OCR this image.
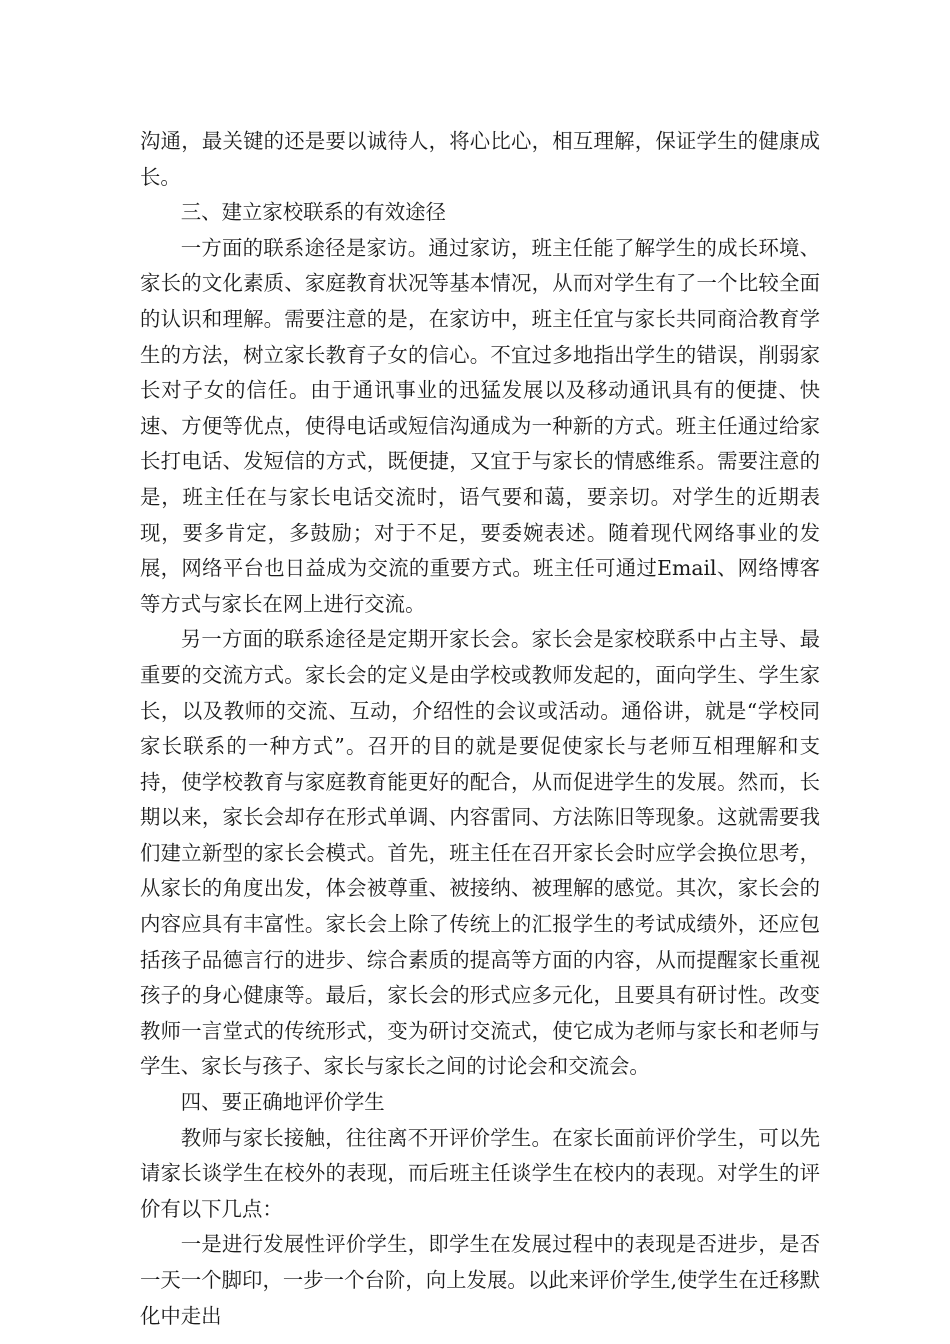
沟通，最关键的还是要以诚待人，将心比心，相互理解，保证学生的健康成长。

三、建立家校联系的有效途径

一方面的联系途径是家访。通过家访，班主任能了解学生的成长环境、家长的文化素质、家庭教育状况等基本情况，从而对学生有了一个比较全面的认识和理解。需要注意的是，在家访中，班主任宜与家长共同商洽教育学生的方法，树立家长教育子女的信心。不宜过多地指出学生的错误，削弱家长对子女的信任。由于通讯事业的迅猛发展以及移动通讯具有的便捷、快速、方便等优点，使得电话或短信沟通成为一种新的方式。班主任通过给家长打电话、发短信的方式，既便捷，又宜于与家长的情感维系。需要注意的是，班主任在与家长电话交流时，语气要和蔼，要亲切。对学生的近期表现，要多肯定，多鼓励；对于不足，要委婉表述。随着现代网络事业的发展，网络平台也日益成为交流的重要方式。班主任可通过Email、网络博客等方式与家长在网上进行交流。

另一方面的联系途径是定期开家长会。家长会是家校联系中占主导、最重要的交流方式。家长会的定义是由学校或教师发起的，面向学生、学生家长，以及教师的交流、互动，介绍性的会议或活动。通俗讲，就是“学校同家长联系的一种方式”。召开的目的就是要促使家长与老师互相理解和支持，使学校教育与家庭教育能更好的配合，从而促进学生的发展。然而，长期以来，家长会却存在形式单调、内容雷同、方法陈旧等现象。这就需要我们建立新型的家长会模式。首先，班主任在召开家长会时应学会换位思考，从家长的角度出发，体会被尊重、被接纳、被理解的感觉。其次，家长会的内容应具有丰富性。家长会上除了传统上的汇报学生的考试成绩外，还应包括孩子品德言行的进步、综合素质的提高等方面的内容，从而提醒家长重视孩子的身心健康等。最后，家长会的形式应多元化，且要具有研讨性。改变教师一言堂式的传统形式，变为研讨交流式，使它成为老师与家长和老师与学生、家长与孩子、家长与家长之间的讨论会和交流会。

四、要正确地评价学生

教师与家长接触，往往离不开评价学生。在家长面前评价学生，可以先请家长谈学生在校外的表现，而后班主任谈学生在校内的表现。对学生的评价有以下几点：

一是进行发展性评价学生，即学生在发展过程中的表现是否进步，是否一天一个脚印，一步一个台阶，向上发展。以此来评价学生,使学生在迁移默化中走出
